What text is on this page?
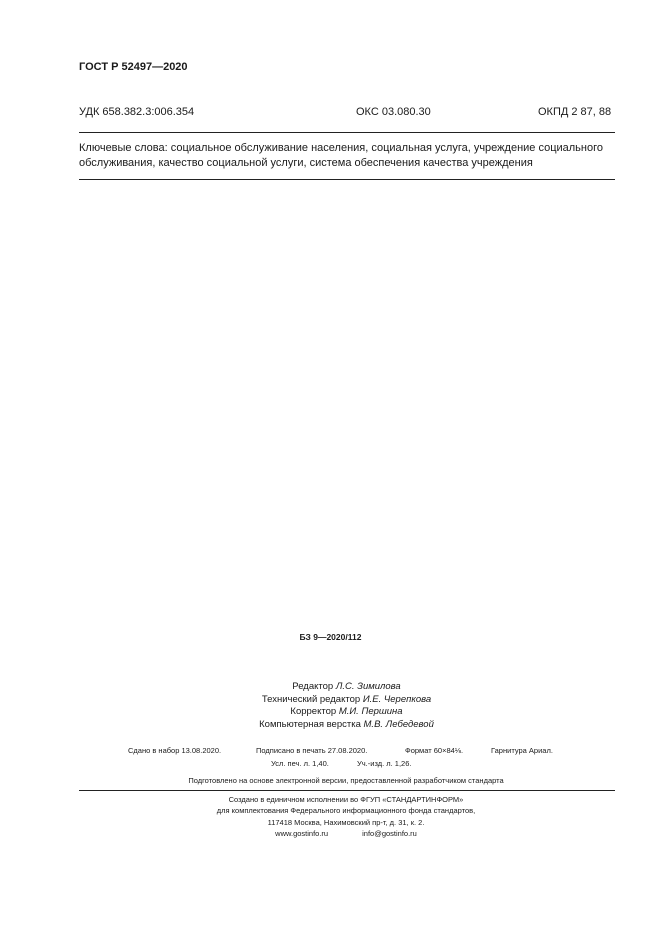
ГОСТ Р 52497—2020
УДК 658.382.3:006.354	ОКС 03.080.30	ОКПД 2 87, 88
Ключевые слова: социальное обслуживание населения, социальная услуга, учреждение социального
обслуживания, качество социальной услуги, система обеспечения качества учреждения
БЗ 9—2020/112
Редактор Л.С. Зимилова
Технический редактор И.Е. Черепкова
Корректор М.И. Першина
Компьютерная верстка М.В. Лебедевой
Сдано в набор 13.08.2020.	Подписано в печать 27.08.2020.	Формат 60×84⅛.	Гарнитура Ариал.
Усл. печ. л. 1,40.	Уч.-изд. л. 1,26.
Подготовлено на основе электронной версии, предоставленной разработчиком стандарта
Создано в единичном исполнении во ФГУП «СТАНДАРТИНФОРМ»
для комплектования Федерального информационного фонда стандартов,
117418 Москва, Нахимовский пр-т, д. 31, к. 2.
www.gostinfo.ru	info@gostinfo.ru
